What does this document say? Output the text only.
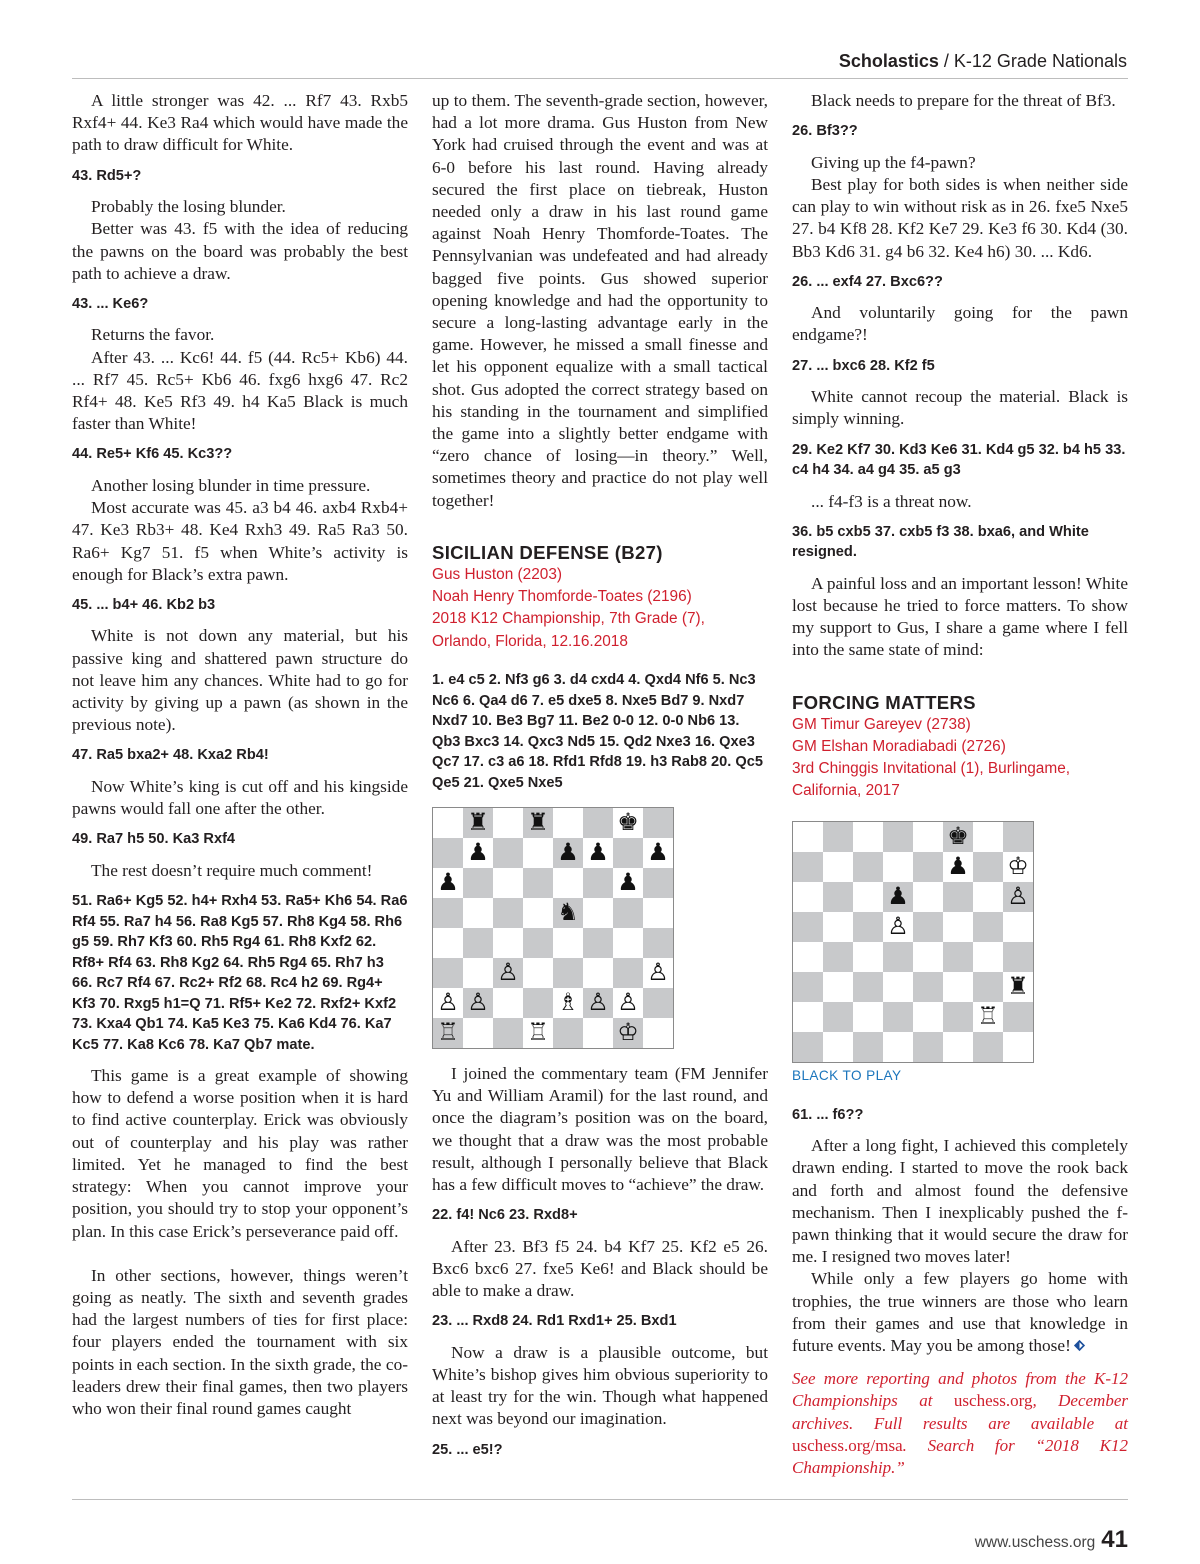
Scholastics / K-12 Grade Nationals

A little stronger was 42. ... Rf7 43. Rxb5 Rxf4+ 44. Ke3 Ra4 which would have made the path to draw difficult for White.

43. Rd5+?

Probably the losing blunder.

Better was 43. f5 with the idea of reducing the pawns on the board was probably the best path to achieve a draw.

43. ... Ke6?

Returns the favor.

After 43. ... Kc6! 44. f5 (44. Rc5+ Kb6) 44. ... Rf7 45. Rc5+ Kb6 46. fxg6 hxg6 47. Rc2 Rf4+ 48. Ke5 Rf3 49. h4 Ka5 Black is much faster than White!

44. Re5+ Kf6 45. Kc3??

Another losing blunder in time pressure.

Most accurate was 45. a3 b4 46. axb4 Rxb4+ 47. Ke3 Rb3+ 48. Ke4 Rxh3 49. Ra5 Ra3 50. Ra6+ Kg7 51. f5 when White’s activity is enough for Black’s extra pawn.

45. ... b4+ 46. Kb2 b3

White is not down any material, but his passive king and shattered pawn structure do not leave him any chances. White had to go for activity by giving up a pawn (as shown in the previous note).

47. Ra5 bxa2+ 48. Kxa2 Rb4!

Now White’s king is cut off and his kingside pawns would fall one after the other.

49. Ra7 h5 50. Ka3 Rxf4

The rest doesn’t require much comment!

51. Ra6+ Kg5 52. h4+ Rxh4 53. Ra5+ Kh6 54. Ra6 Rf4 55. Ra7 h4 56. Ra8 Kg5 57. Rh8 Kg4 58. Rh6 g5 59. Rh7 Kf3 60. Rh5 Rg4 61. Rh8 Kxf2 62. Rf8+ Rf4 63. Rh8 Kg2 64. Rh5 Rg4 65. Rh7 h3 66. Rc7 Rf4 67. Rc2+ Rf2 68. Rc4 h2 69. Rg4+ Kf3 70. Rxg5 h1=Q 71. Rf5+ Ke2 72. Rxf2+ Kxf2 73. Kxa4 Qb1 74. Ka5 Ke3 75. Ka6 Kd4 76. Ka7 Kc5 77. Ka8 Kc6 78. Ka7 Qb7 mate.

This game is a great example of showing how to defend a worse position when it is hard to find active counterplay. Erick was obviously out of counterplay and his play was rather limited. Yet he managed to find the best strategy: When you cannot improve your position, you should try to stop your opponent’s plan. In this case Erick’s perseverance paid off.

In other sections, however, things weren’t going as neatly. The sixth and seventh grades had the largest numbers of ties for first place: four players ended the tournament with six points in each section. In the sixth grade, the co-leaders drew their final games, then two players who won their final round games caught

up to them. The seventh-grade section, however, had a lot more drama. Gus Huston from New York had cruised through the event and was at 6-0 before his last round. Having already secured the first place on tiebreak, Huston needed only a draw in his last round game against Noah Henry Thomforde-Toates. The Pennsylvanian was undefeated and had already bagged five points. Gus showed superior opening knowledge and had the opportunity to secure a long-lasting advantage early in the game. However, he missed a small finesse and let his opponent equalize with a small tactical shot. Gus adopted the correct strategy based on his standing in the tournament and simplified the game into a slightly better endgame with “zero chance of losing—in theory.” Well, sometimes theory and practice do not play well together!

SICILIAN DEFENSE (B27)
Gus Huston (2203)
Noah Henry Thomforde-Toates (2196)
2018 K12 Championship, 7th Grade (7),
Orlando, Florida, 12.16.2018
1. e4 c5 2. Nf3 g6 3. d4 cxd4 4. Qxd4 Nf6 5. Nc3 Nc6 6. Qa4 d6 7. e5 dxe5 8. Nxe5 Bd7 9. Nxd7 Nxd7 10. Be3 Bg7 11. Be2 0-0 12. 0-0 Nb6 13. Qb3 Bxc3 14. Qxc3 Nd5 15. Qd2 Nxe3 16. Qxe3 Qc7 17. c3 a6 18. Rfd1 Rfd8 19. h3 Rab8 20. Qc5 Qe5 21. Qxe5 Nxe5
♜ ♜	♚
♟	♟ ♟ ♟
♟	♟
♞
♙	♙
♙ ♙	♗ ♙ ♙
♖	♖	♔

I joined the commentary team (FM Jennifer Yu and William Aramil) for the last round, and once the diagram’s position was on the board, we thought that a draw was the most probable result, although I personally believe that Black has a few difficult moves to “achieve” the draw.

22. f4! Nc6 23. Rxd8+

After 23. Bf3 f5 24. b4 Kf7 25. Kf2 e5 26. Bxc6 bxc6 27. fxe5 Ke6! and Black should be able to make a draw.

23. ... Rxd8 24. Rd1 Rxd1+ 25. Bxd1

Now a draw is a plausible outcome, but White’s bishop gives him obvious superiority to at least try for the win. Though what happened next was beyond our imagination.

25. ... e5!?

Black needs to prepare for the threat of Bf3.

26. Bf3??

Giving up the f4-pawn?

Best play for both sides is when neither side can play to win without risk as in 26. fxe5 Nxe5 27. b4 Kf8 28. Kf2 Ke7 29. Ke3 f6 30. Kd4 (30. Bb3 Kd6 31. g4 b6 32. Ke4 h6) 30. ... Kd6.

26. ... exf4 27. Bxc6??

And voluntarily going for the pawn endgame?!

27. ... bxc6 28. Kf2 f5

White cannot recoup the material. Black is simply winning.

29. Ke2 Kf7 30. Kd3 Ke6 31. Kd4 g5 32. b4 h5 33. c4 h4 34. a4 g4 35. a5 g3

... f4-f3 is a threat now.

36. b5 cxb5 37. cxb5 f3 38. bxa6, and White resigned.

A painful loss and an important lesson! White lost because he tried to force matters. To show my support to Gus, I share a game where I fell into the same state of mind:

FORCING MATTERS
GM Timur Gareyev (2738)
GM Elshan Moradiabadi (2726)
3rd Chinggis Invitational (1), Burlingame,
California, 2017
♚
♟ ♔
♟	♙
♙
♜
♖
BLACK TO PLAY
61. ... f6??

After a long fight, I achieved this completely drawn ending. I started to move the rook back and forth and almost found the defensive mechanism. Then I inexplicably pushed the f-pawn thinking that it would secure the draw for me. I resigned two moves later!

While only a few players go home with trophies, the true winners are those who learn from their games and use that knowledge in future events. May you be among those!

See more reporting and photos from the K-12 Championships at uschess.org, December archives. Full results are available at uschess.org/msa. Search for “2018 K12 Championship.”
www.uschess.org 41
